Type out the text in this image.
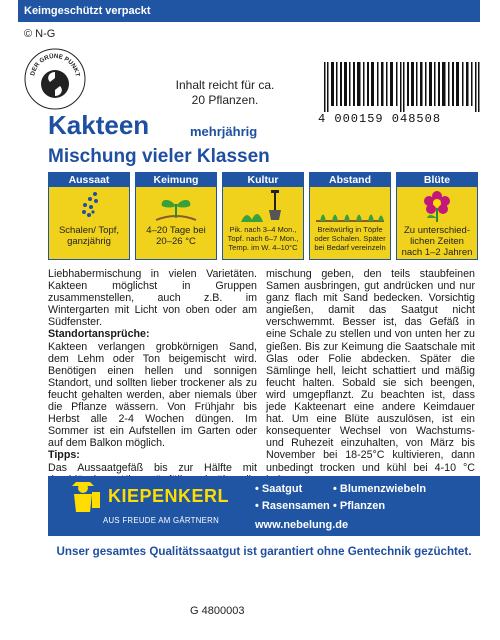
Keimgeschützt verpackt
© N-G
DER GRÜNE PUNKT
Inhalt reicht für ca.
20 Pflanzen.
4 000159 048508
Kakteen	mehrjährig
Mischung vieler Klassen
Aussaat
Schalen/ Topf, ganzjährig
Keimung
4–20 Tage bei 20–26 °C
Kultur
Pik. nach 3–4 Mon., Topf. nach 6–7 Mon., Temp. im W. 4–10°C
Abstand
Breitwürfig in Töpfe oder Schalen. Später bei Bedarf vereinzeln
Blüte
Zu unterschied-lichen Zeiten nach 1–2 Jahren

Liebhabermischung in vielen Varietäten. Kakteen möglichst in Gruppen zusammenstellen, auch z.B. im Wintergarten mit Licht von oben oder am Südfenster.

Standortansprüche:

Kakteen verlangen grobkörnigen Sand, dem Lehm oder Ton beigemischt wird. Benötigen einen hellen und sonnigen Standort, und sollten lieber trockener als zu feucht gehalten werden, aber niemals über die Pflanze wässern. Von Frühjahr bis Herbst alle 2-4 Wochen düngen. Im Sommer ist ein Aufstellen im Garten oder auf dem Balkon möglich.

Tipps:

Das Aussaatgefäß bis zur Hälfte mit

mischung geben, den teils staubfeinen Samen ausbringen, gut andrücken und nur ganz flach mit Sand bedecken. Vorsichtig angießen, damit das Saatgut nicht verschwemmt. Besser ist, das Gefäß in eine Schale zu stellen und von unten her zu gießen. Bis zur Keimung die Saatschale mit Glas oder Folie abdecken. Später die Sämlinge hell, leicht schattiert und mäßig feucht halten. Sobald sie sich beengen, wird umgepflanzt. Zu beachten ist, dass jede Kakteenart eine andere Keimdauer hat. Um eine Blüte auszulösen, ist ein konsequenter Wechsel von Wachstums- und Ruhezeit einzuhalten, von März bis November bei 18-25°C kultivieren, dann unbedingt trocken und kühl bei 4-10 °C

KIEPENKERL
AUS FREUDE AM GÄRTNERN
• Saatgut	• Blumenzwiebeln
• Rasensamen • Pflanzen
www.nebelung.de
Unser gesamtes Qualitätssaatgut ist garantiert ohne Gentechnik gezüchtet.
G 4800003
